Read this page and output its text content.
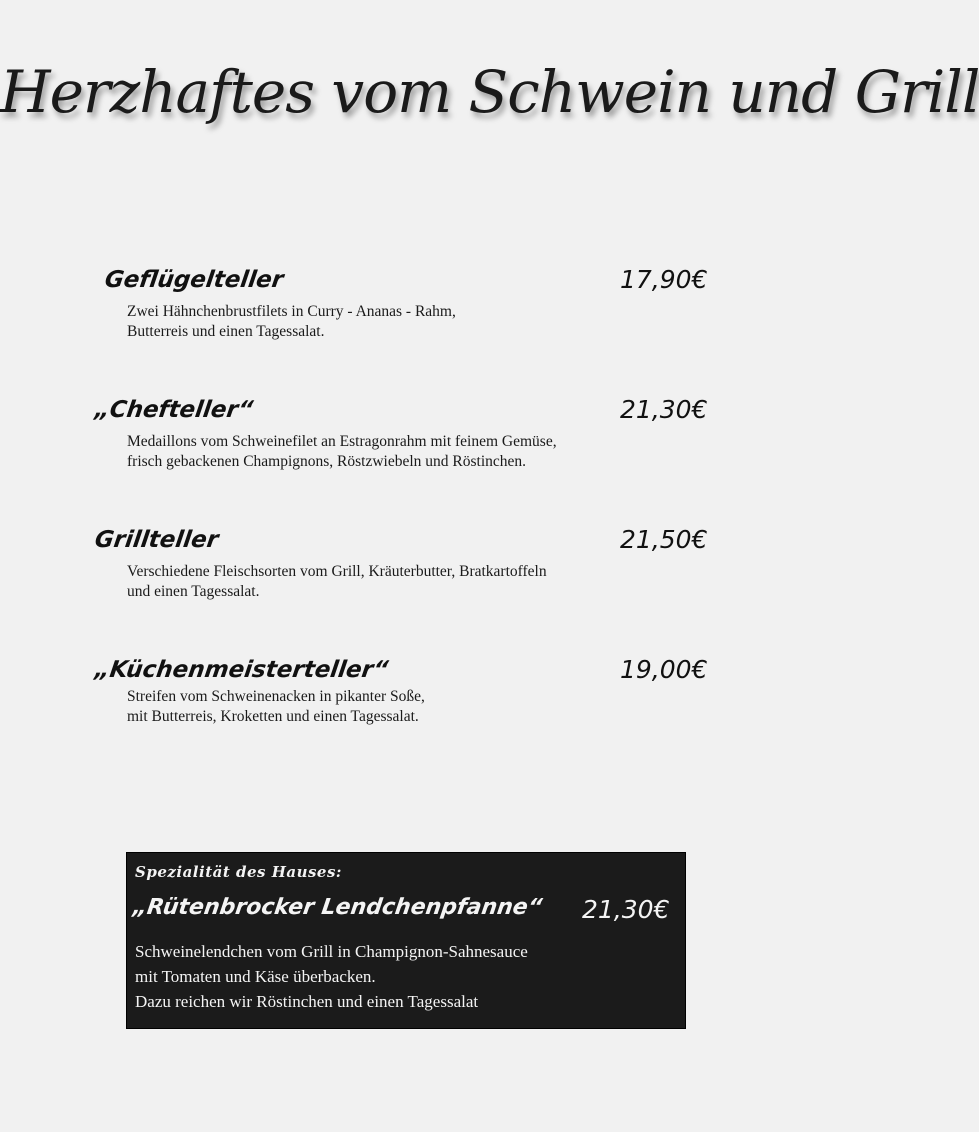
Herzhaftes vom Schwein und Grill
Geflügelteller	17,90€
Zwei Hähnchenbrustfilets in Curry - Ananas - Rahm,
Butterreis und einen Tagessalat.
„Chefteller“	21,30€
Medaillons vom Schweinefilet an Estragonrahm mit feinem Gemüse,
frisch gebackenen Champignons, Röstzwiebeln und Röstinchen.
Grillteller	21,50€
Verschiedene Fleischsorten vom Grill, Kräuterbutter, Bratkartoffeln
und einen Tagessalat.
„Küchenmeisterteller“	19,00€
Streifen vom Schweinenacken in pikanter Soße,
mit Butterreis, Kroketten und einen Tagessalat.
Spezialität des Hauses:
„Rütenbrocker Lendchenpfanne“ 21,30€
Schweinelendchen vom Grill in Champignon-Sahnesauce
mit Tomaten und Käse überbacken.
Dazu reichen wir Röstinchen und einen Tagessalat
